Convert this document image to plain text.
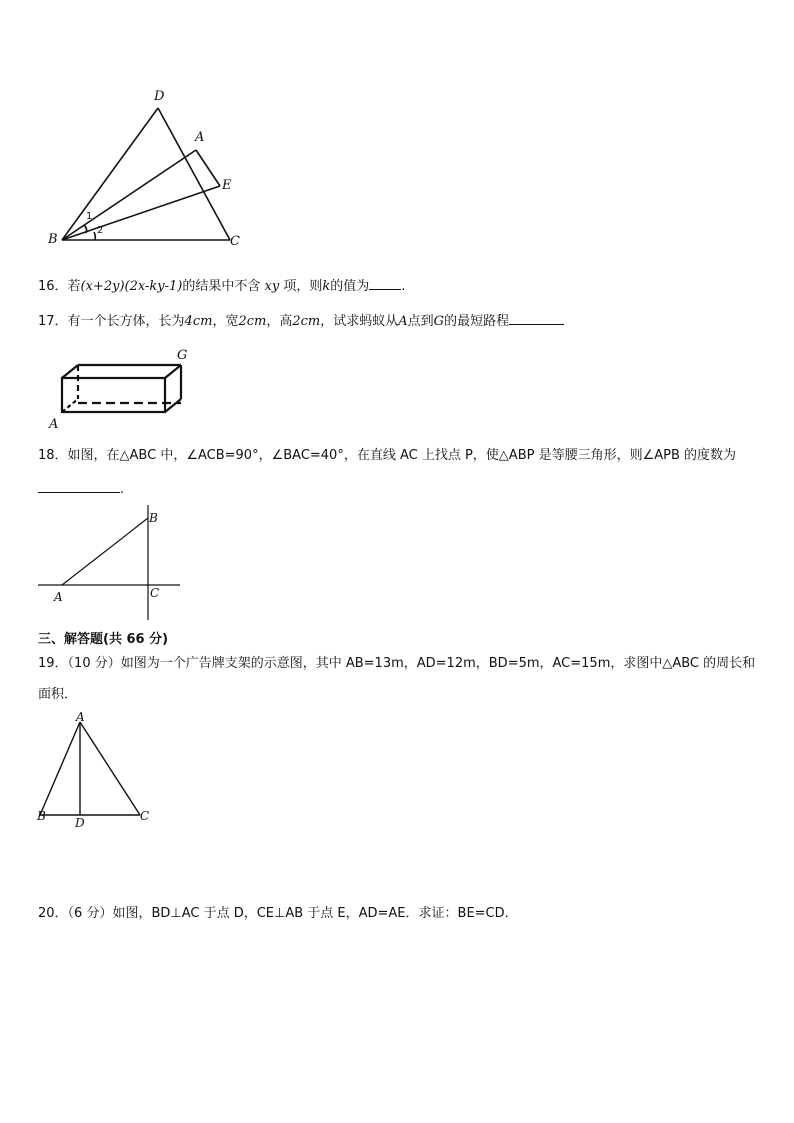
D
A
E
B	C
1
2
16．若(x+2y)(2x-ky-1)的结果中不含 xy 项，则k的值为 .
17．有一个长方体，长为4cm，宽2cm，高2cm，试求蚂蚁从A点到G的最短路程
G
A
18．如图，在△ABC 中，∠ACB=90°，∠BAC=40°，在直线 AC 上找点 P，使△ABP 是等腰三角形，则∠APB 的度数为
.
B
A	C
三、解答题(共 66 分)
19．（10 分）如图为一个广告牌支架的示意图，其中 AB=13m，AD=12m，BD=5m，AC=15m，求图中△ABC 的周长和
面积．
A
B D	C
20．（6 分）如图，BD⊥AC 于点 D，CE⊥AB 于点 E，AD=AE．求证：BE=CD．
